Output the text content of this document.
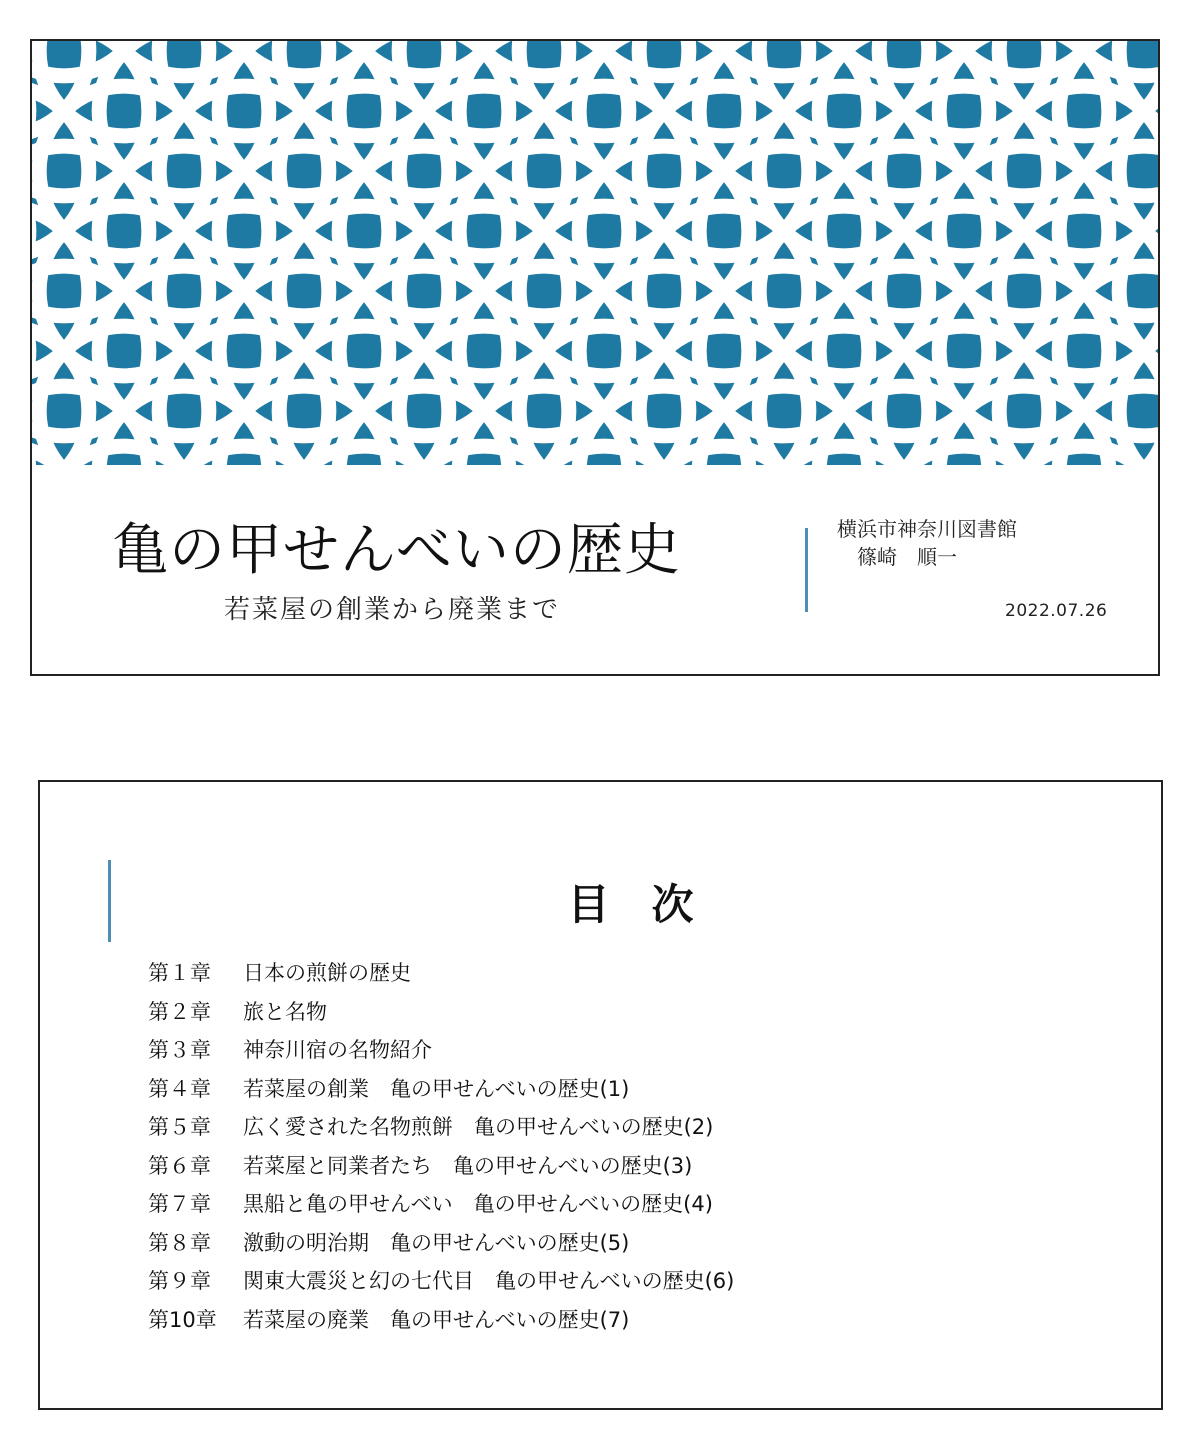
亀の甲せんべいの歴史

若菜屋の創業から廃業まで

横浜市神奈川図書館
篠崎　順一
2022.07.26
目　次
第１章 日本の煎餅の歴史
第２章 旅と名物
第３章 神奈川宿の名物紹介
第４章 若菜屋の創業　亀の甲せんべいの歴史(1)
第５章 広く愛された名物煎餅　亀の甲せんべいの歴史(2)
第６章 若菜屋と同業者たち　亀の甲せんべいの歴史(3)
第７章 黒船と亀の甲せんべい　亀の甲せんべいの歴史(4)
第８章 激動の明治期　亀の甲せんべいの歴史(5)
第９章 関東大震災と幻の七代目　亀の甲せんべいの歴史(6)
第10章 若菜屋の廃業　亀の甲せんべいの歴史(7)
